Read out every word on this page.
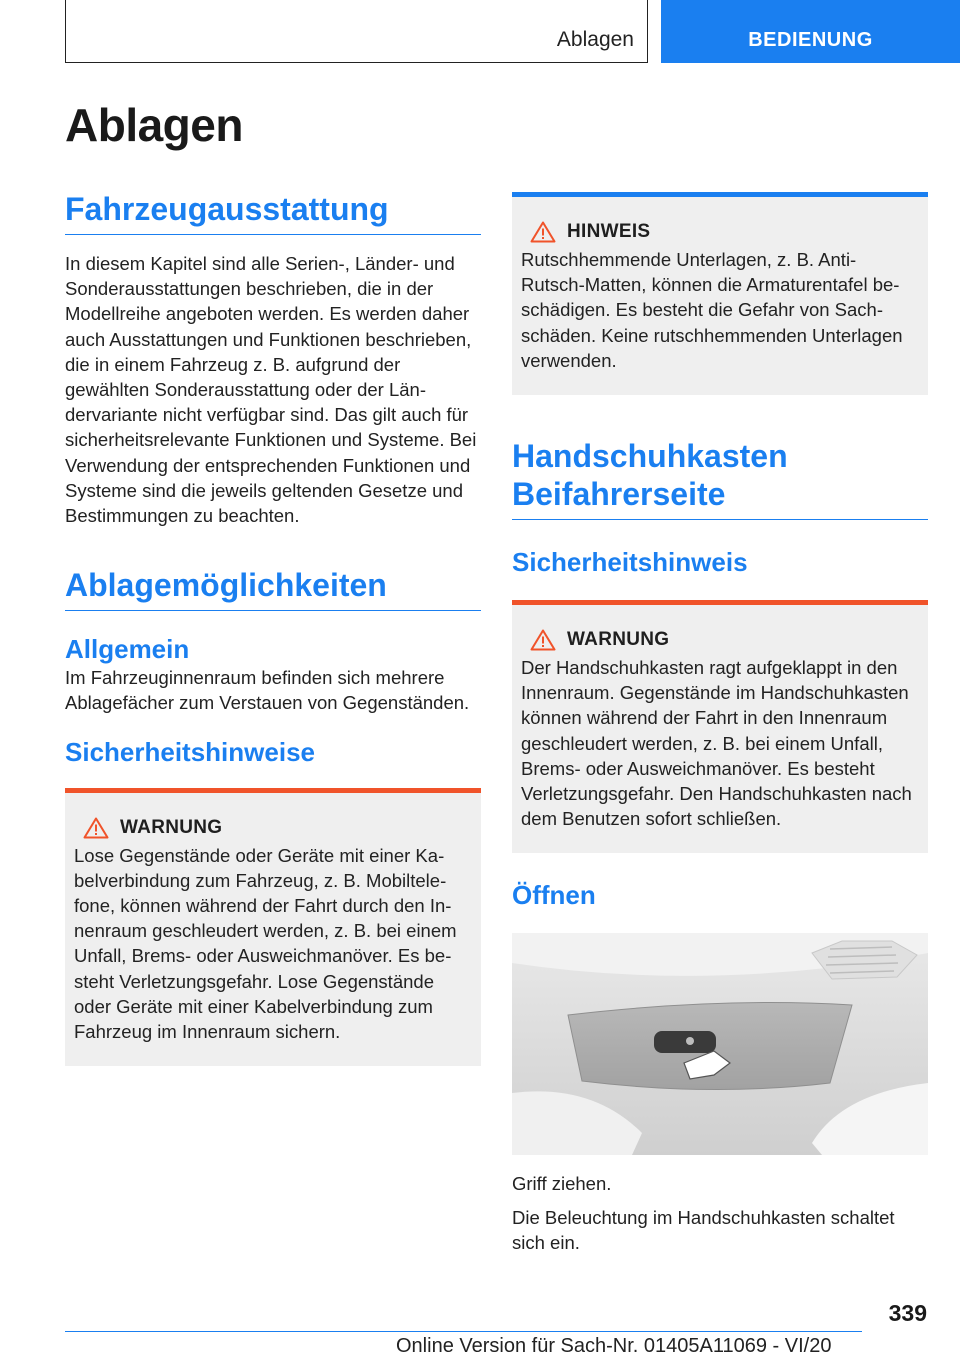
Ablagen	BEDIENUNG
Ablagen
Fahrzeugausstattung

In diesem Kapitel sind alle Serien-, Länder- und Sonderausstattungen beschrieben, die in der Modellreihe angeboten werden. Es werden daher auch Ausstattungen und Funktionen beschrieben, die in einem Fahrzeug z. B. aufgrund der gewählten Sonderausstattung oder der Ländervariante nicht verfügbar sind. Das gilt auch für sicherheitsrelevante Funktionen und Systeme. Bei Verwendung der entsprechenden Funktionen und Systeme sind die jeweils geltenden Gesetze und Bestimmungen zu beachten.

Ablagemöglichkeiten
Allgemein

Im Fahrzeuginnenraum befinden sich mehrere Ablagefächer zum Verstauen von Gegenständen.

Sicherheitshinweise
WARNUNG

Lose Gegenstände oder Geräte mit einer Kabelverbindung zum Fahrzeug, z. B. Mobiltelefone, können während der Fahrt durch den Innenraum geschleudert werden, z. B. bei einem Unfall, Brems- oder Ausweichmanöver. Es besteht Verletzungsgefahr. Lose Gegenstände oder Geräte mit einer Kabelverbindung zum Fahrzeug im Innenraum sichern.

HINWEIS

Rutschhemmende Unterlagen, z. B. Anti-Rutsch-Matten, können die Armaturentafel beschädigen. Es besteht die Gefahr von Sachschäden. Keine rutschhemmenden Unterlagen verwenden.

Handschuhkasten Beifahrerseite
Sicherheitshinweis
WARNUNG

Der Handschuhkasten ragt aufgeklappt in den Innenraum. Gegenstände im Handschuhkasten können während der Fahrt in den Innenraum geschleudert werden, z. B. bei einem Unfall, Brems- oder Ausweichmanöver. Es besteht Verletzungsgefahr. Den Handschuhkasten nach dem Benutzen sofort schließen.

Öffnen

Griff ziehen.

Die Beleuchtung im Handschuhkasten schaltet sich ein.

339
Online Version für Sach-Nr. 01405A11069 - VI/20
